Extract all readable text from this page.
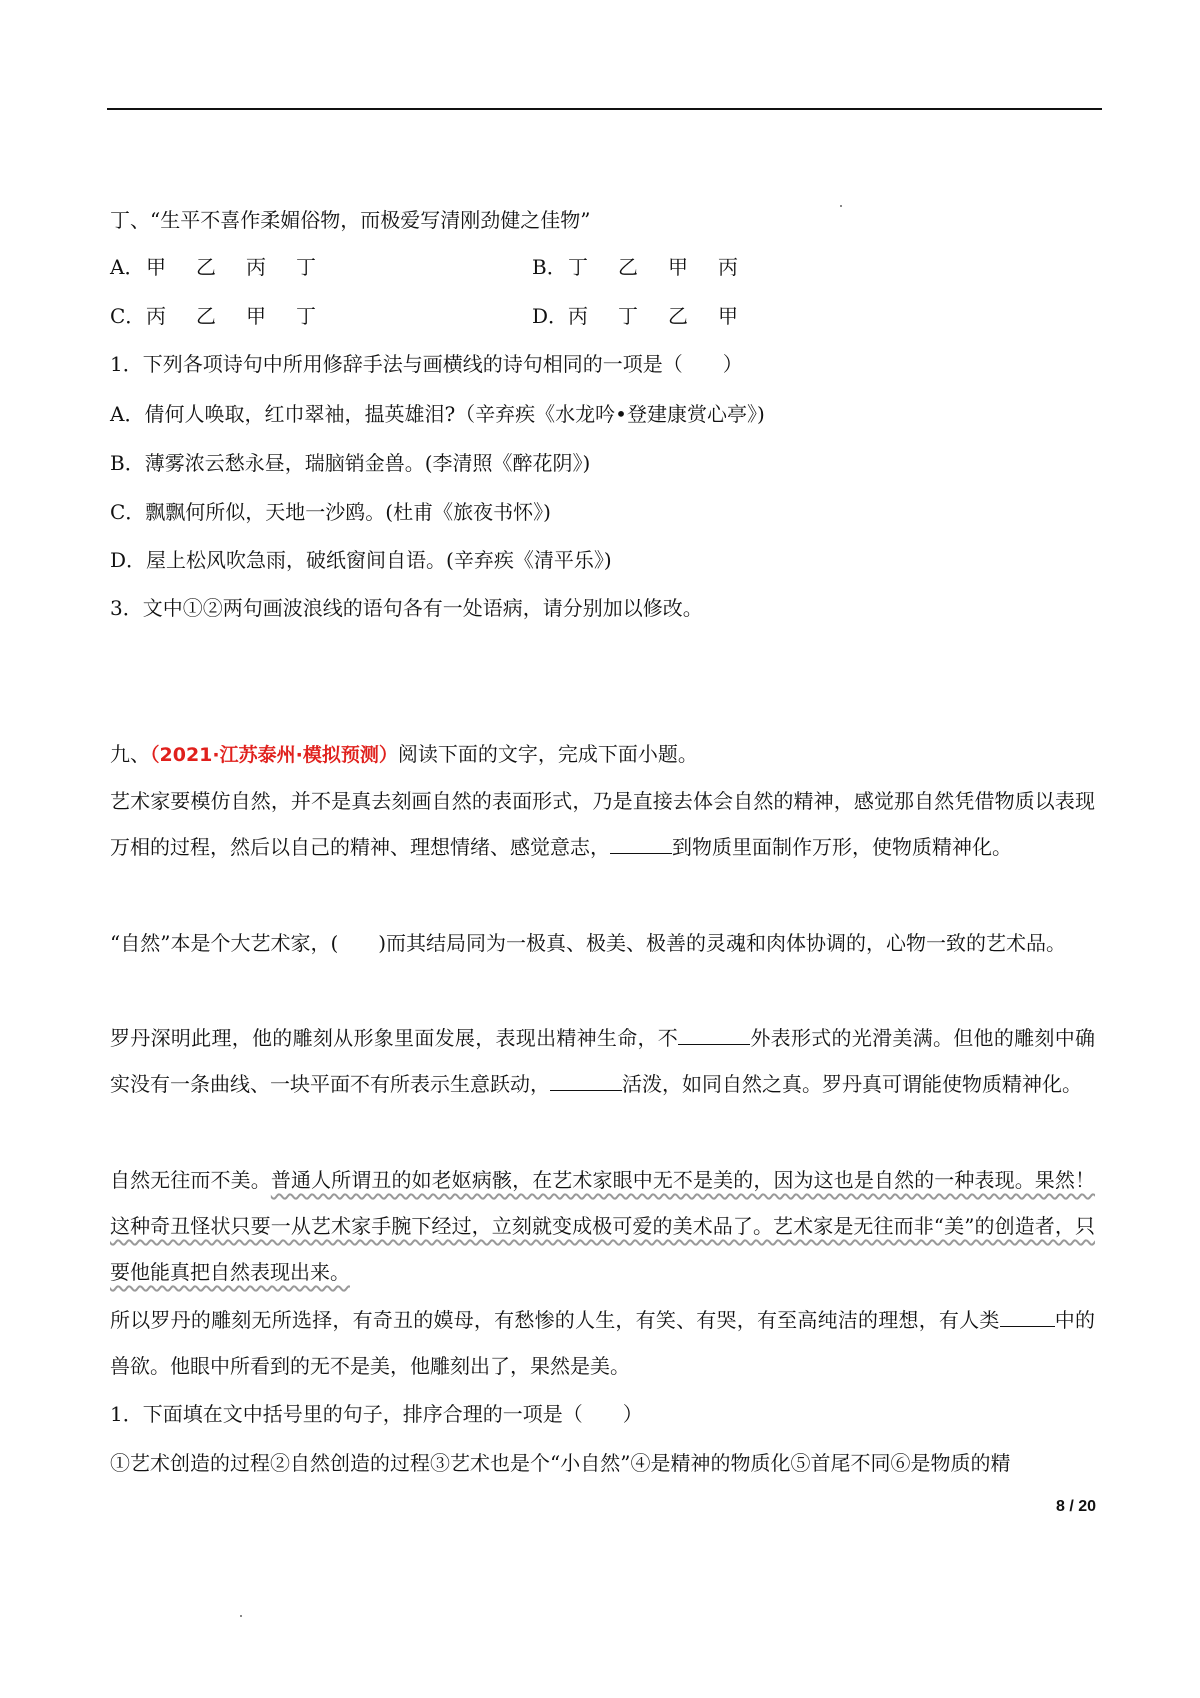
丁、“生平不喜作柔媚俗物，而极爱写清刚劲健之佳物”
A．甲 乙 丙 丁	B．丁 乙 甲 丙
C．丙 乙 甲 丁	D．丙 丁 乙 甲
1．下列各项诗句中所用修辞手法与画横线的诗句相同的一项是（　　）
A．倩何人唤取，红巾翠袖，揾英雄泪?（辛弃疾《水龙吟•登建康赏心亭》)
B．薄雾浓云愁永昼，瑞脑销金兽。(李清照《醉花阴》)
C．飘飘何所似，天地一沙鸥。(杜甫《旅夜书怀》)
D．屋上松风吹急雨，破纸窗间自语。(辛弃疾《清平乐》)
3．文中①②两句画波浪线的语句各有一处语病，请分别加以修改。
九、（2021·江苏泰州·模拟预测）阅读下面的文字，完成下面小题。
艺术家要模仿自然，并不是真去刻画自然的表面形式，乃是直接去体会自然的精神，感觉那自然凭借物质以表现万相的过程，然后以自己的精神、理想情绪、感觉意志，	到物质里面制作万形，使物质精神化。
“自然”本是个大艺术家，(　　)而其结局同为一极真、极美、极善的灵魂和肉体协调的，心物一致的艺术品。
罗丹深明此理，他的雕刻从形象里面发展，表现出精神生命，不	外表形式的光滑美满。但他的雕刻中确实没有一条曲线、一块平面不有所表示生意跃动，	活泼，如同自然之真。罗丹真可谓能使物质精神化。
自然无往而不美。普通人所谓丑的如老妪病骸，在艺术家眼中无不是美的，因为这也是自然的一种表现。果然！这种奇丑怪状只要一从艺术家手腕下经过，立刻就变成极可爱的美术品了。艺术家是无往而非“美”的创造者，只要他能真把自然表现出来。
所以罗丹的雕刻无所选择，有奇丑的嫫母，有愁惨的人生，有笑、有哭，有至高纯洁的理想，有人类	中的兽欲。他眼中所看到的无不是美，他雕刻出了，果然是美。
1．下面填在文中括号里的句子，排序合理的一项是（　　）
①艺术创造的过程②自然创造的过程③艺术也是个“小自然”④是精神的物质化⑤首尾不同⑥是物质的精
8 / 20
